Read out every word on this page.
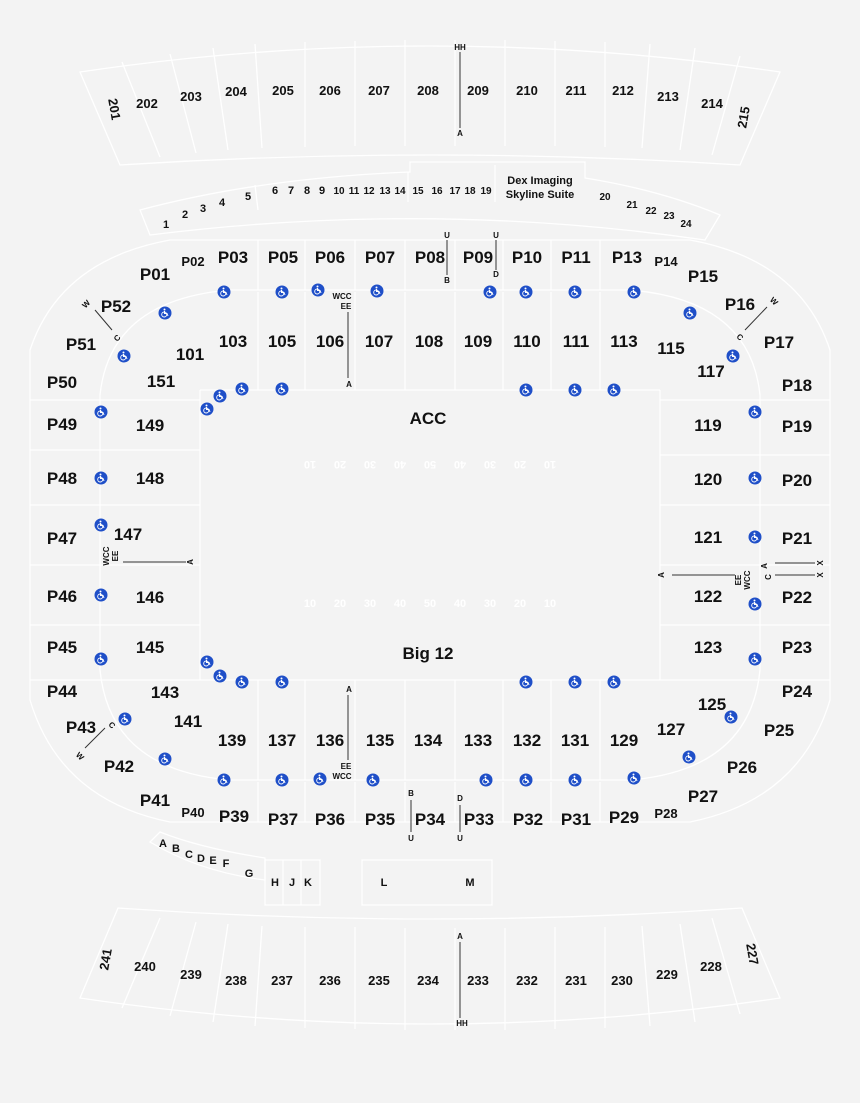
201 202 203 204 205 206 207 208 209 210 211 212 213 214
215
HH
A
1
2 3 4 5 6 7 8 9 10 11 12 13 14 15 16 17 18 19
Dex Imaging
Skyline Suite	20
21
22 23
24
10 20 30 40 50 40 30 20 10
10 20 30 40 50 40 30 20 10
ACC
Big 12
P01
P02 P03 P05 P06 P07 P08 P09 P10 P11 P13 P14
P15
P16
P17
101
103 105 106 107 108 109 110 111 113 115
117
151
P52
P51
P50
P49
P48
P47
P46
P45
P44
P43
P42
P41
149
148
147
146
145
143
141
P18
P19
P20
P21
P22
P23
P24
P25
P26
P27
119
120
121
122
123
125
127
139 137 136 135 134 133 132 131 129
P40 P39 P37 P36 P35 P34 P33 P32 P31 P29 P28
U
B
U
D
WCC
EE
A
A
EE
WCC
B
U
D
U
WCC EE
A
W
C
W
C
A	EE WCC
A
C
X
X
W
C
A B C D E F
G
H J K	L	M
241 240
239 238 237 236 235 234 233 232 231 230 229
228
227
A
HH
